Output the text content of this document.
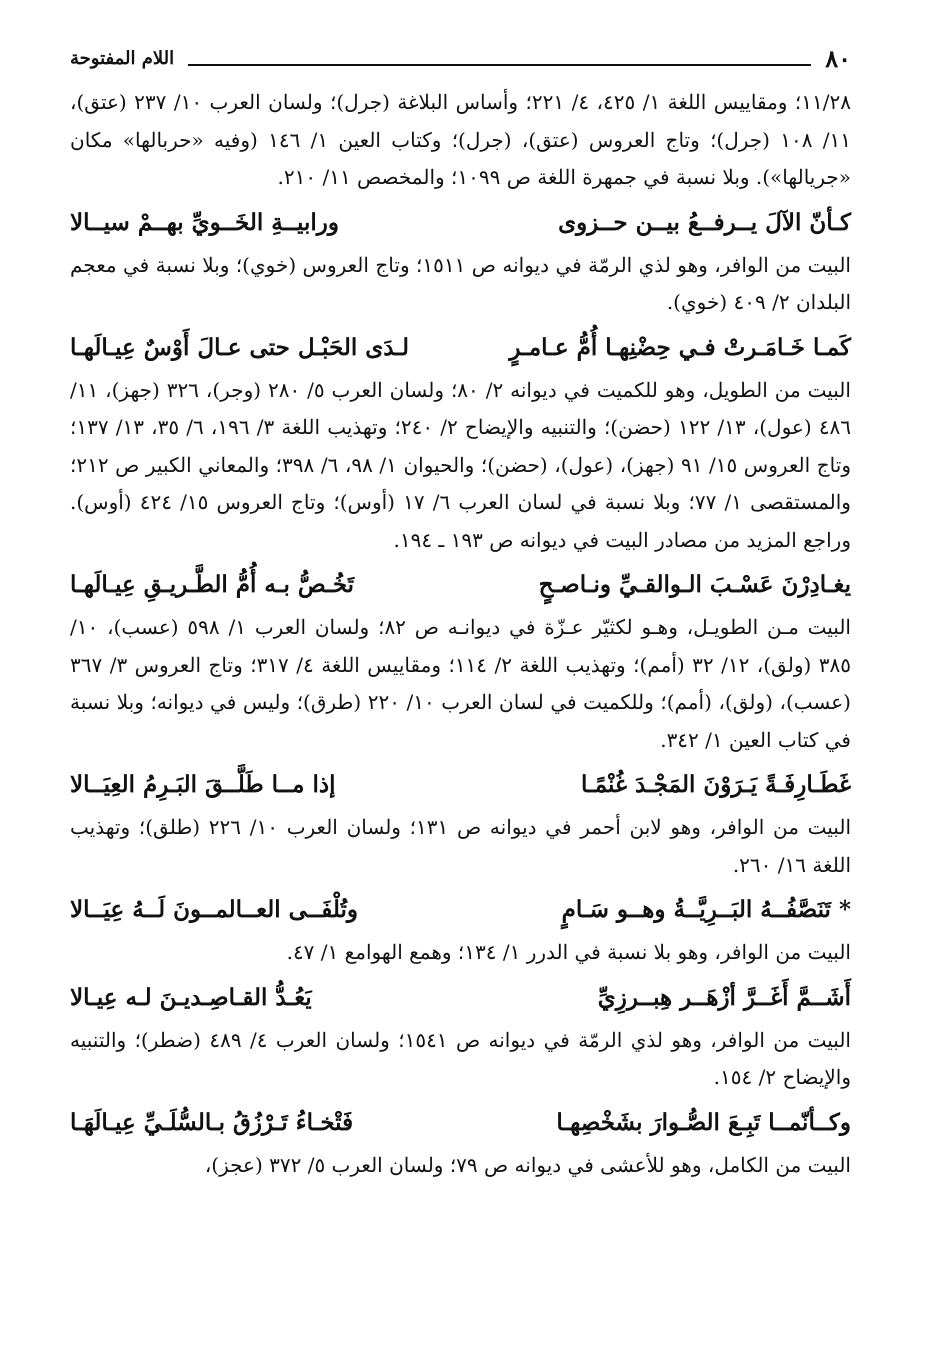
٨٠
اللام المفتوحة

١١/٢٨؛ ومقاييس اللغة ١/ ٤٢٥، ٤/ ٢٢١؛ وأساس البلاغة (جرل)؛ ولسان العرب ١٠/ ٢٣٧ (عتق)، ١١/ ١٠٨ (جرل)؛ وتاج العروس (عتق)، (جرل)؛ وكتاب العين ١/ ١٤٦ (وفيه «حربالها» مكان «جريالها»). وبلا نسبة في جمهرة اللغة ص ١٠٩٩؛ والمخصص ١١/ ٢١٠.

كـأنّ الآلَ يــرفــعُ بيــن حــزوى
ورابيــةِ الخَــويِّ بهــمْ سيــالا

البيت من الوافر، وهو لذي الرمّة في ديوانه ص ١٥١١؛ وتاج العروس (خوي)؛ وبلا نسبة في معجم البلدان ٢/ ٤٠٩ (خوي).

كَمـا خَـامَـرتْ فـي حِضْنِهـا أُمُّ عـامـرٍ
لـدَى الحَبْـل حتى عـالَ أَوْسٌ عِيـالَهـا

البيت من الطويل، وهو للكميت في ديوانه ٢/ ٨٠؛ ولسان العرب ٥/ ٢٨٠ (وجر)، ٣٢٦ (جهز)، ١١/ ٤٨٦ (عول)، ١٣/ ١٢٢ (حضن)؛ والتنبيه والإيضاح ٢/ ٢٤٠؛ وتهذيب اللغة ٣/ ١٩٦، ٦/ ٣٥، ١٣/ ١٣٧؛ وتاج العروس ١٥/ ٩١ (جهز)، (عول)، (حضن)؛ والحيوان ١/ ٩٨، ٦/ ٣٩٨؛ والمعاني الكبير ص ٢١٢؛ والمستقصى ١/ ٧٧؛ وبلا نسبة في لسان العرب ٦/ ١٧ (أوس)؛ وتاج العروس ١٥/ ٤٢٤ (أوس). وراجع المزيد من مصادر البيت في ديوانه ص ١٩٣ ـ ١٩٤.

يغـادِرْنَ عَسْـبَ الـوالقـيِّ ونـاصـحٍ
تَخُـصُّ بـه أُمُّ الطَّـريـقِ عِيـالَهـا

البيت مـن الطويـل، وهـو لكثيّر عـزّة في ديوانـه ص ٨٢؛ ولسان العرب ١/ ٥٩٨ (عسب)، ١٠/ ٣٨٥ (ولق)، ١٢/ ٣٢ (أمم)؛ وتهذيب اللغة ٢/ ١١٤؛ ومقاييس اللغة ٤/ ٣١٧؛ وتاج العروس ٣/ ٣٦٧ (عسب)، (ولق)، (أمم)؛ وللكميت في لسان العرب ١٠/ ٢٢٠ (طرق)؛ وليس في ديوانه؛ وبلا نسبة في كتاب العين ١/ ٣٤٢.

غَطَـارِفَـةً يَـرَوْنَ المَجْـدَ غُنْمًـا
إذا مــا طَلَّــقَ البَـرِمُ العِيَــالا

البيت من الوافر، وهو لابن أحمر في ديوانه ص ١٣١؛ ولسان العرب ١٠/ ٢٢٦ (طلق)؛ وتهذيب اللغة ١٦/ ٢٦٠.

* تَنَصَّفُــهُ البَــرِيَّــةُ وهــو سَـامٍ
وتُلْفَــى العــالمــونَ لَــهُ عِيَــالا

البيت من الوافر، وهو بلا نسبة في الدرر ١/ ١٣٤؛ وهمع الهوامع ١/ ٤٧.

أَشَــمَّ أَغَــرَّ أزْهَــر هِبــرزِيِّ
يَعُـدُّ القـاصِـديـنَ لـه عِيـالا

البيت من الوافر، وهو لذي الرمّة في ديوانه ص ١٥٤١؛ ولسان العرب ٤/ ٤٨٩ (ضطر)؛ والتنبيه والإيضاح ٢/ ١٥٤.

وكــأنّمــا تَبِـعَ الصُّـوارَ بشَخْصِهـا
فَتْخـاءُ تَـرْزُقُ بـالسُّلَـيِّ عِيـالَهَـا

البيت من الكامل، وهو للأعشى في ديوانه ص ٧٩؛ ولسان العرب ٥/ ٣٧٢ (عجز)،
